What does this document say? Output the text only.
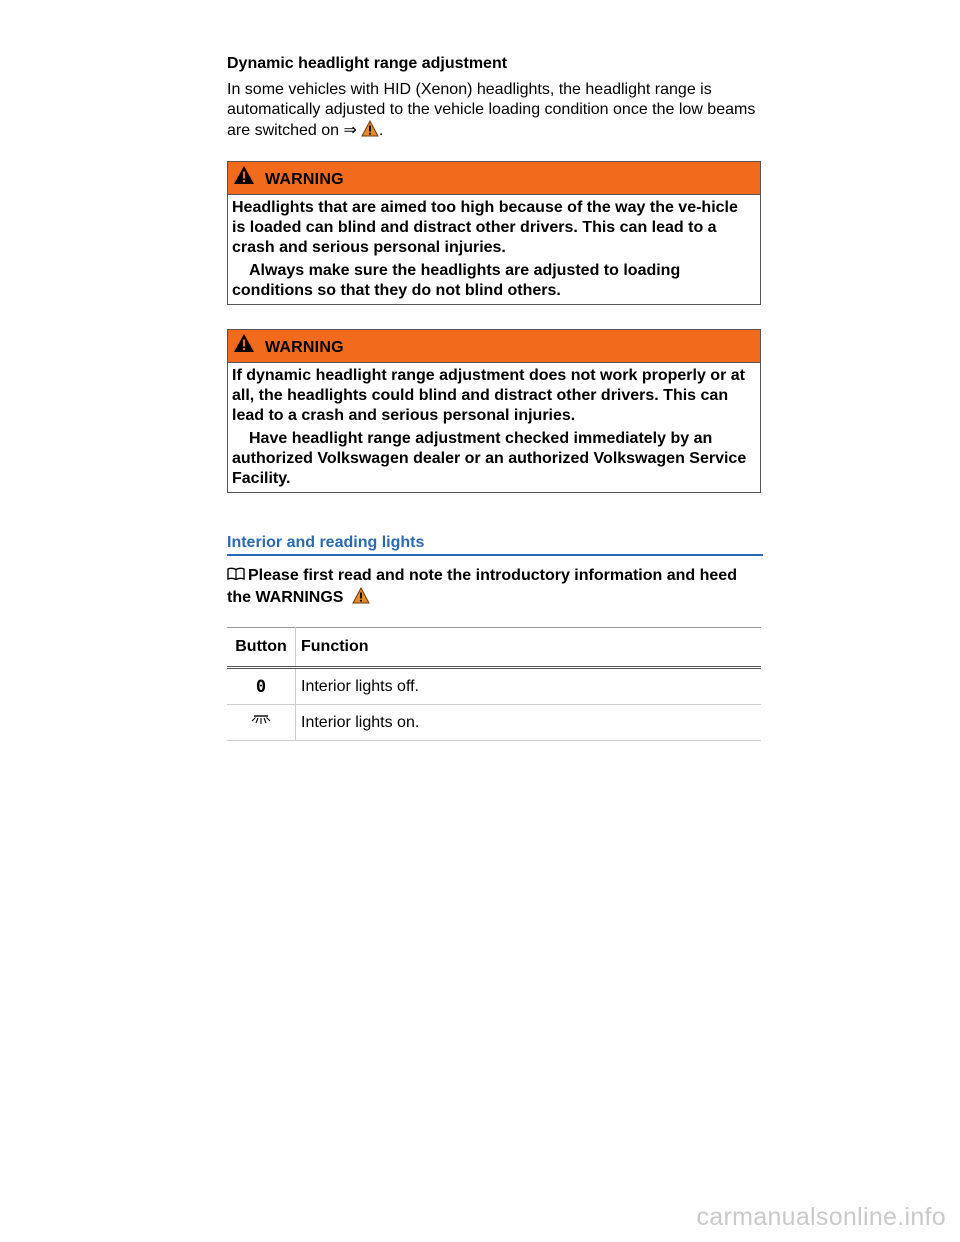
Dynamic headlight range adjustment

In some vehicles with HID (Xenon) headlights, the headlight range is automatically adjusted to the vehicle loading condition once the low beams are switched on ⇒ .

WARNING

Headlights that are aimed too high because of the way the ve-hicle is loaded can blind and distract other drivers. This can lead to a crash and serious personal injuries.

Always make sure the headlights are adjusted to loading conditions so that they do not blind others.

WARNING

If dynamic headlight range adjustment does not work properly or at all, the headlights could blind and distract other drivers. This can lead to a crash and serious personal injuries.

Have headlight range adjustment checked immediately by an authorized Volkswagen dealer or an authorized Volkswagen Service Facility.

Interior and reading lights
Please first read and note the introductory information and heed the WARNINGS
Button	Function
0	Interior lights off.
	Interior lights on.
carmanualsonline.info
